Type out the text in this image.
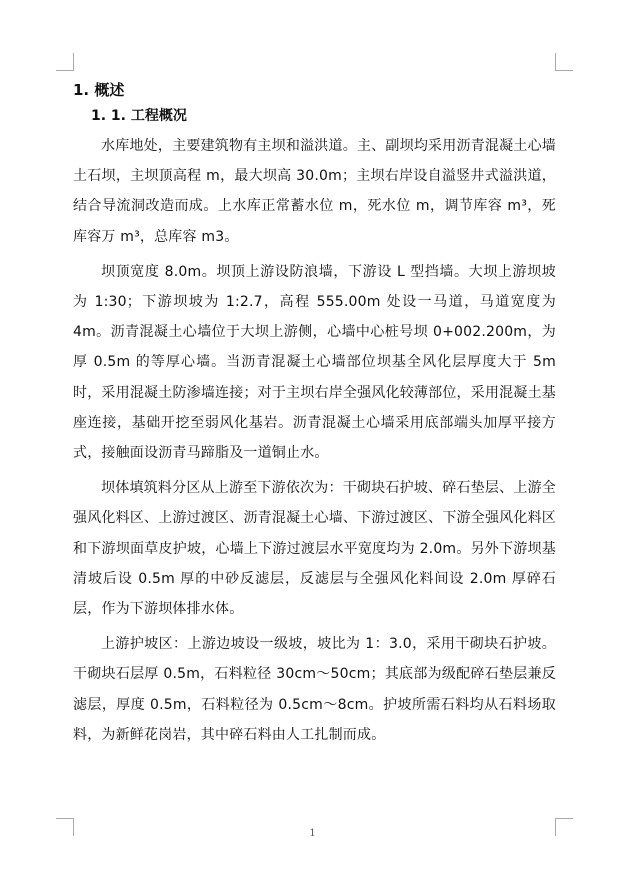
1. 概述
1. 1. 工程概况

水库地处，主要建筑物有主坝和溢洪道。主、副坝均采用沥青混凝土心墙土石坝，主坝顶高程 m，最大坝高 30.0m；主坝右岸设自溢竖井式溢洪道，结合导流洞改造而成。上水库正常蓄水位 m，死水位 m，调节库容 m³，死库容万 m³，总库容 m3。

坝顶宽度 8.0m。坝顶上游设防浪墙，下游设 L 型挡墙。大坝上游坝坡为 1:30；下游坝坡为 1:2.7，高程 555.00m 处设一马道，马道宽度为 4m。沥青混凝土心墙位于大坝上游侧，心墙中心桩号坝 0+002.200m，为厚 0.5m 的等厚心墙。当沥青混凝土心墙部位坝基全风化层厚度大于 5m 时，采用混凝土防渗墙连接；对于主坝右岸全强风化较薄部位，采用混凝土基座连接，基础开挖至弱风化基岩。沥青混凝土心墙采用底部端头加厚平接方式，接触面设沥青马蹄脂及一道铜止水。

坝体填筑料分区从上游至下游依次为：干砌块石护坡、碎石垫层、上游全强风化料区、上游过渡区、沥青混凝土心墙、下游过渡区、下游全强风化料区和下游坝面草皮护坡，心墙上下游过渡层水平宽度均为 2.0m。另外下游坝基清坡后设 0.5m 厚的中砂反滤层，反滤层与全强风化料间设 2.0m 厚碎石层，作为下游坝体排水体。

上游护坡区：上游边坡设一级坡，坡比为 1：3.0，采用干砌块石护坡。干砌块石层厚 0.5m，石料粒径 30cm～50cm；其底部为级配碎石垫层兼反滤层，厚度 0.5m，石料粒径为 0.5cm～8cm。护坡所需石料均从石料场取料，为新鲜花岗岩，其中碎石料由人工扎制而成。

1
